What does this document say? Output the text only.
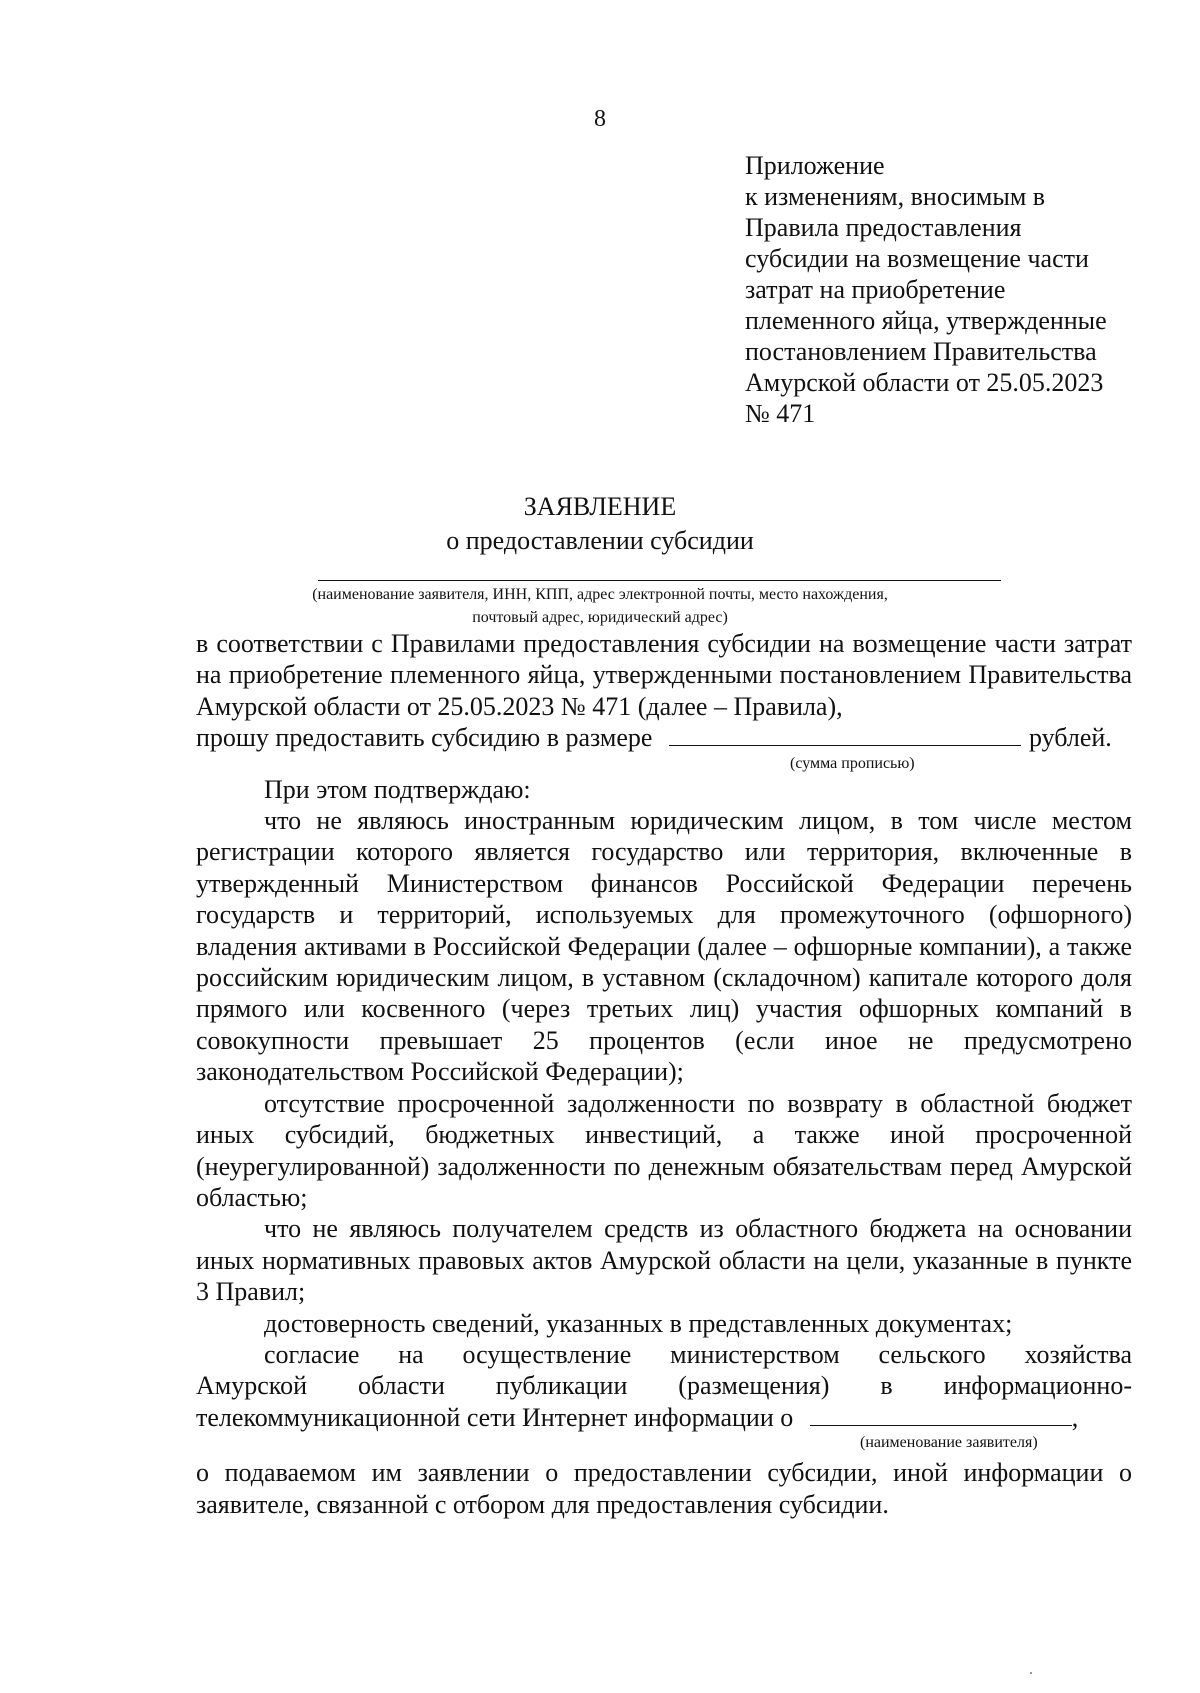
8
Приложение
к изменениям, вносимым в
Правила предоставления
субсидии на возмещение части
затрат на приобретение
племенного яйца, утвержденные
постановлением Правительства
Амурской области от 25.05.2023
№ 471
ЗАЯВЛЕНИЕ
о предоставлении субсидии
(наименование заявителя, ИНН, КПП, адрес электронной почты, место нахождения,
почтовый адрес, юридический адрес)

в соответствии с Правилами предоставления субсидии на возмещение части затрат на приобретение племенного яйца, утвержденными постановлением Правительства Амурской области от 25.05.2023 № 471 (далее – Правила),

прошу предоставить субсидию в размере	рублей.

(сумма прописью)

При этом подтверждаю:

что не являюсь иностранным юридическим лицом, в том числе местом регистрации которого является государство или территория, включенные в утвержденный Министерством финансов Российской Федерации перечень государств и территорий, используемых для промежуточного (офшорного) владения активами в Российской Федерации (далее – офшорные компании), а также российским юридическим лицом, в уставном (складочном) капитале которого доля прямого или косвенного (через третьих лиц) участия офшорных компаний в совокупности превышает 25 процентов (если иное не предусмотрено законодательством Российской Федерации);

отсутствие просроченной задолженности по возврату в областной бюджет иных субсидий, бюджетных инвестиций, а также иной просроченной (неурегулированной) задолженности по денежным обязательствам перед Амурской областью;

что не являюсь получателем средств из областного бюджета на основании иных нормативных правовых актов Амурской области на цели, указанные в пункте 3 Правил;

достоверность сведений, указанных в представленных документах;

согласие на осуществление министерством сельского хозяйства

Амурской области публикации (размещения) в информационно-

телекоммуникационной сети Интернет информации о	,

(наименование заявителя)

о подаваемом им заявлении о предоставлении субсидии, иной информации о заявителе, связанной с отбором для предоставления субсидии.
